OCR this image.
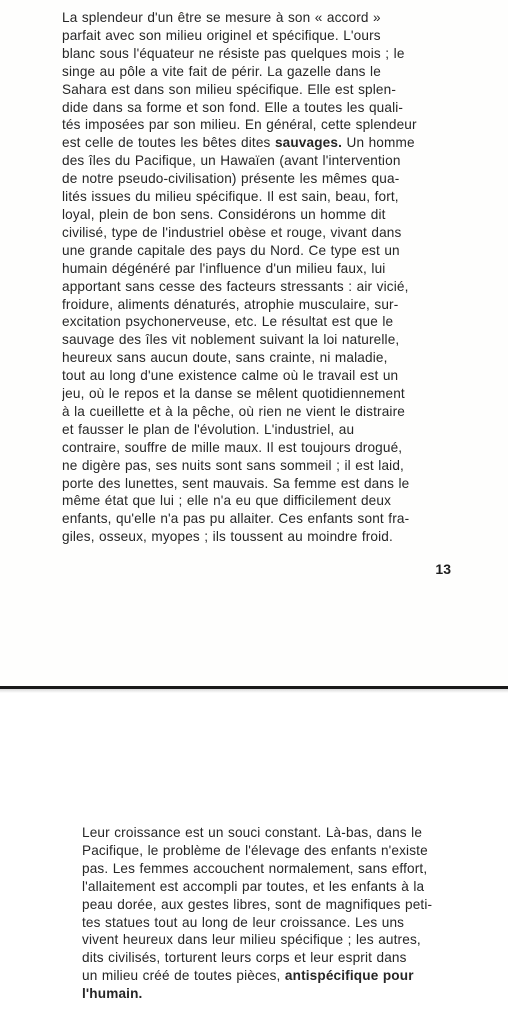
La splendeur d'un être se mesure à son « accord »
parfait avec son milieu originel et spécifique. L'ours
blanc sous l'équateur ne résiste pas quelques mois ; le
singe au pôle a vite fait de périr. La gazelle dans le
Sahara est dans son milieu spécifique. Elle est splen-
dide dans sa forme et son fond. Elle a toutes les quali-
tés imposées par son milieu. En général, cette splendeur
est celle de toutes les bêtes dites sauvages. Un homme
des îles du Pacifique, un Hawaïen (avant l'intervention
de notre pseudo-civilisation) présente les mêmes qua-
lités issues du milieu spécifique. Il est sain, beau, fort,
loyal, plein de bon sens. Considérons un homme dit
civilisé, type de l'industriel obèse et rouge, vivant dans
une grande capitale des pays du Nord. Ce type est un
humain dégénéré par l'influence d'un milieu faux, lui
apportant sans cesse des facteurs stressants : air vicié,
froidure, aliments dénaturés, atrophie musculaire, sur-
excitation psychonerveuse, etc. Le résultat est que le
sauvage des îles vit noblement suivant la loi naturelle,
heureux sans aucun doute, sans crainte, ni maladie,
tout au long d'une existence calme où le travail est un
jeu, où le repos et la danse se mêlent quotidiennement
à la cueillette et à la pêche, où rien ne vient le distraire
et fausser le plan de l'évolution. L'industriel, au
contraire, souffre de mille maux. Il est toujours drogué,
ne digère pas, ses nuits sont sans sommeil ; il est laid,
porte des lunettes, sent mauvais. Sa femme est dans le
même état que lui ; elle n'a eu que difficilement deux
enfants, qu'elle n'a pas pu allaiter. Ces enfants sont fra-
giles, osseux, myopes ; ils toussent au moindre froid.
13
Leur croissance est un souci constant. Là-bas, dans le
Pacifique, le problème de l'élevage des enfants n'existe
pas. Les femmes accouchent normalement, sans effort,
l'allaitement est accompli par toutes, et les enfants à la
peau dorée, aux gestes libres, sont de magnifiques peti-
tes statues tout au long de leur croissance. Les uns
vivent heureux dans leur milieu spécifique ; les autres,
dits civilisés, torturent leurs corps et leur esprit dans
un milieu créé de toutes pièces, antispécifique pour
l'humain.
